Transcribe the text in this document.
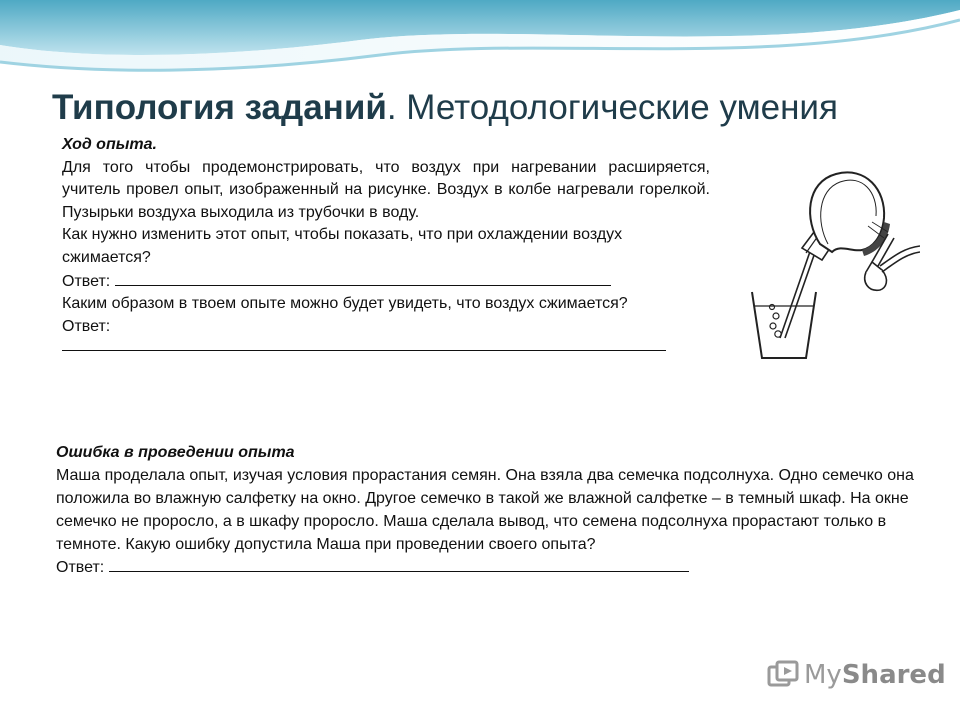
Типология заданий. Методологические умения
Ход опыта.
Для того чтобы продемонстрировать, что воздух при нагревании расширяется, учитель провел опыт, изображенный на рисунке. Воздух в колбе нагревали горелкой. Пузырьки воздуха выходила из трубочки в воду.
Как нужно изменить этот опыт, чтобы показать, что при охлаждении воздух сжимается?
Ответ:
Каким образом в твоем опыте можно будет увидеть, что воздух сжимается?
Ответ:
Ошибка в проведении опыта
Маша проделала опыт, изучая условия прорастания семян. Она взяла два семечка подсолнуха. Одно семечко она положила во влажную салфетку на окно. Другое семечко в такой же влажной салфетке – в темный шкаф. На окне семечко не проросло, а в шкафу проросло. Маша сделала вывод, что семена подсолнуха прорастают только в темноте. Какую ошибку допустила Маша при проведении своего опыта?
Ответ:
MyShared
